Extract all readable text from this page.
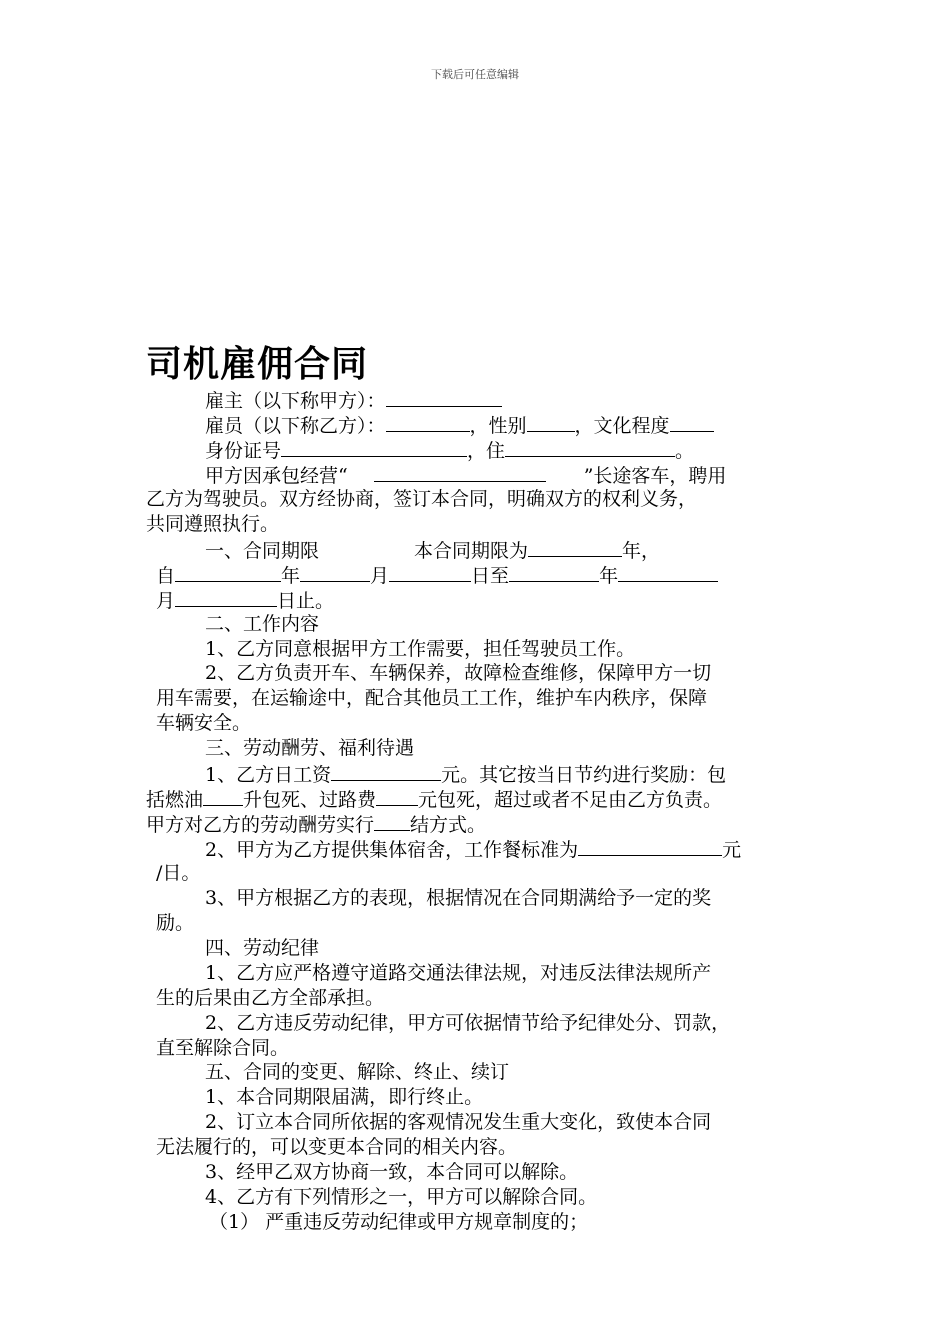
下载后可任意编辑
司机雇佣合同
雇主（以下称甲方）：
雇员（以下称乙方）：	，性别	，文化程度
身份证号	，住	。
甲方因承包经营“	”长途客车，聘用
乙方为驾驶员。双方经协商，签订本合同，明确双方的权利义务，
共同遵照执行。
一、合同期限	本合同期限为	年，
自	年	月	日至	年
月	日止。
二、工作内容
1、乙方同意根据甲方工作需要，担任驾驶员工作。
2、乙方负责开车、车辆保养，故障检查维修，保障甲方一切
用车需要，在运输途中，配合其他员工工作，维护车内秩序，保障
车辆安全。
三、劳动酬劳、福利待遇
1、乙方日工资	元。其它按当日节约进行奖励：包
括燃油 升包死、过路费 元包死，超过或者不足由乙方负责。
甲方对乙方的劳动酬劳实行 结方式。
2、甲方为乙方提供集体宿舍，工作餐标准为	元
/日。
3、甲方根据乙方的表现，根据情况在合同期满给予一定的奖
励。
四、劳动纪律
1、乙方应严格遵守道路交通法律法规，对违反法律法规所产
生的后果由乙方全部承担。
2、乙方违反劳动纪律，甲方可依据情节给予纪律处分、罚款，
直至解除合同。
五、合同的变更、解除、终止、续订
1、本合同期限届满，即行终止。
2、订立本合同所依据的客观情况发生重大变化，致使本合同
无法履行的，可以变更本合同的相关内容。
3、经甲乙双方协商一致，本合同可以解除。
4、乙方有下列情形之一，甲方可以解除合同。
（1） 严重违反劳动纪律或甲方规章制度的；
